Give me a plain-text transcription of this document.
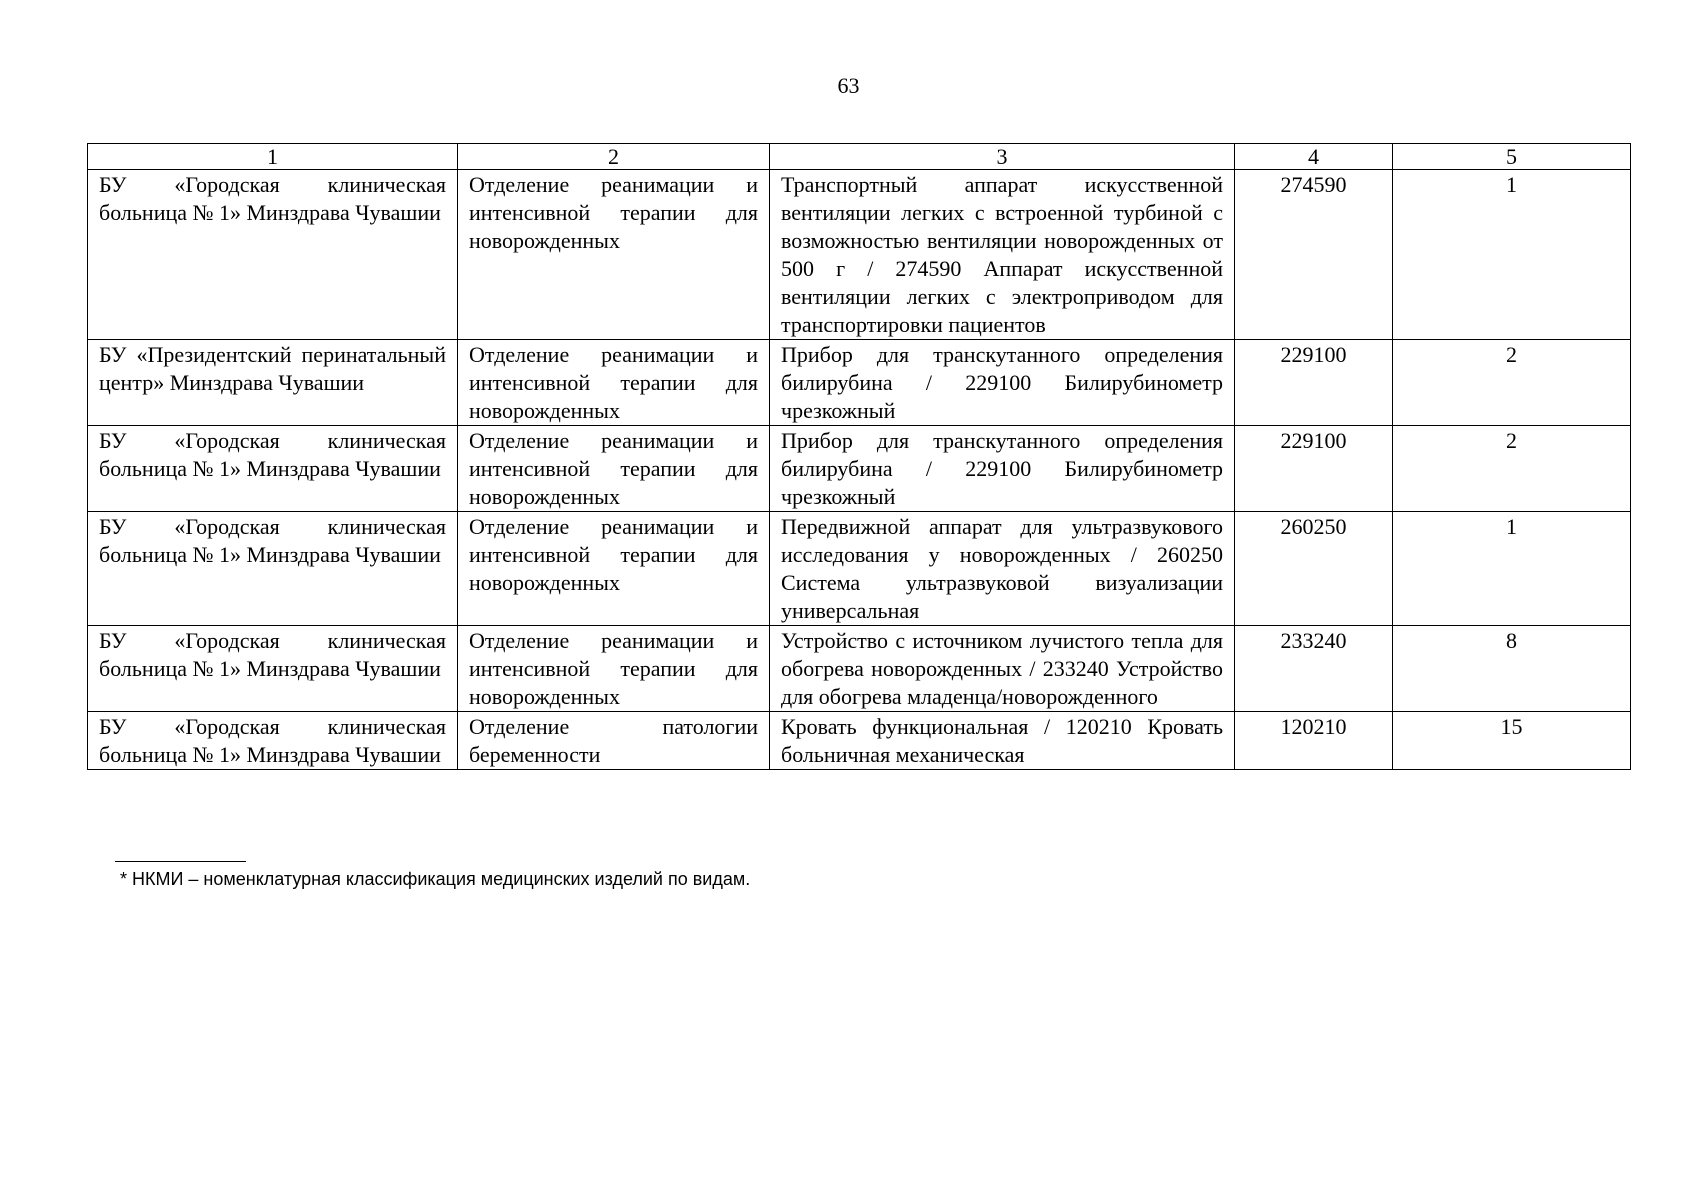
63
1	2	3	4	5
БУ «Городская клиническая больница № 1» Минздрава Чувашии	Отделение реанимации и интенсивной терапии для новорожденных	Транспортный аппарат искусственной вентиляции легких с встроенной турбиной с возможностью вентиляции новорожденных от 500 г / 274590 Аппарат искусственной вентиляции легких с электроприводом для транспортировки пациентов	274590	1
БУ «Президентский перинатальный центр» Минздрава Чувашии	Отделение реанимации и интенсивной терапии для новорожденных	Прибор для транскутанного определения билирубина / 229100 Билирубинометр чрезкожный	229100	2
БУ «Городская клиническая больница № 1» Минздрава Чувашии	Отделение реанимации и интенсивной терапии для новорожденных	Прибор для транскутанного определения билирубина / 229100 Билирубинометр чрезкожный	229100	2
БУ «Городская клиническая больница № 1» Минздрава Чувашии	Отделение реанимации и интенсивной терапии для новорожденных	Передвижной аппарат для ультразвукового исследования у новорожденных / 260250 Система ультразвуковой визуализации универсальная	260250	1
БУ «Городская клиническая больница № 1» Минздрава Чувашии	Отделение реанимации и интенсивной терапии для новорожденных	Устройство с источником лучистого тепла для обогрева новорожденных / 233240 Устройство для обогрева младенца/новорожденного	233240	8
БУ «Городская клиническая больница № 1» Минздрава Чувашии	Отделение патологии беременности	Кровать функциональная / 120210 Кровать больничная механическая	120210	15
* НКМИ – номенклатурная классификация медицинских изделий по видам.
